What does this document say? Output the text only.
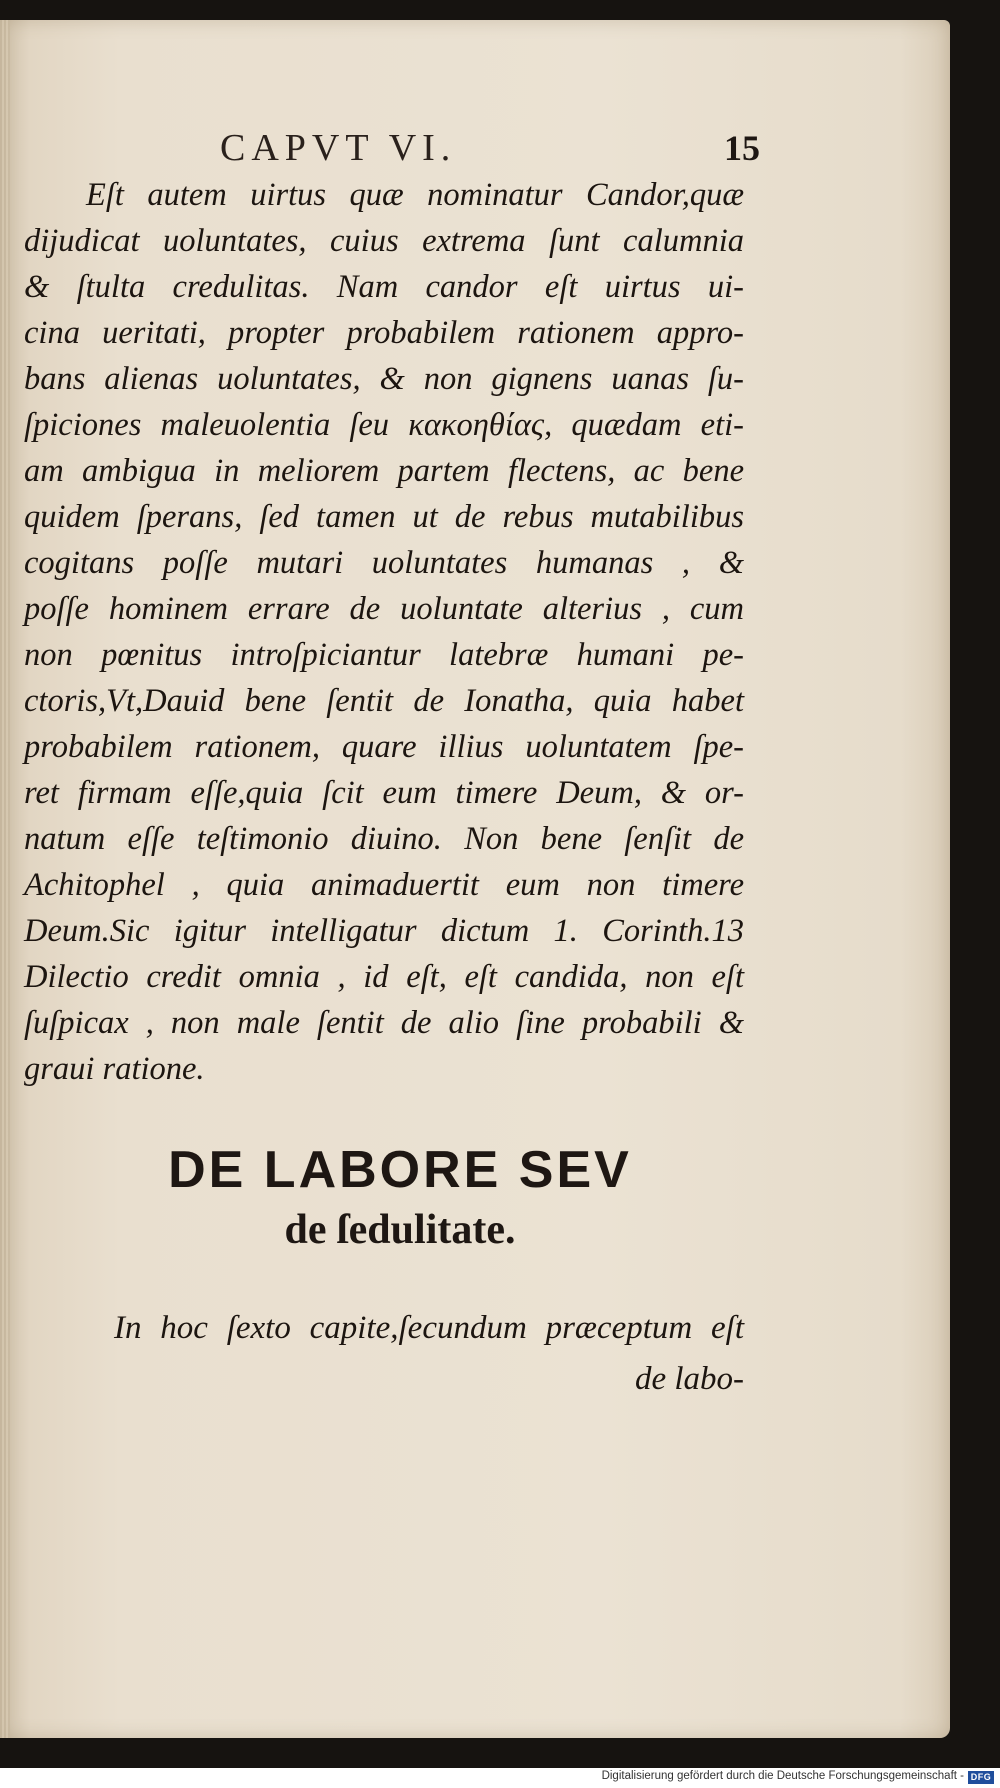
CAPVT VI.	15
Eſt autem uirtus quæ nominatur Candor,quæ
dijudicat uoluntates, cuius extrema ſunt calumnia
& ſtulta credulitas. Nam candor eſt uirtus ui-
cina ueritati, propter probabilem rationem appro-
bans alienas uoluntates, & non gignens uanas ſu-
ſpiciones maleuolentia ſeu κακοηθίας, quædam eti-
am ambigua in meliorem partem flectens, ac bene
quidem ſperans, ſed tamen ut de rebus mutabilibus
cogitans poſſe mutari uoluntates humanas , &
poſſe hominem errare de uoluntate alterius , cum
non pœnitus introſpiciantur latebræ humani pe-
ctoris,Vt,Dauid bene ſentit de Ionatha, quia habet
probabilem rationem, quare illius uoluntatem ſpe-
ret firmam eſſe,quia ſcit eum timere Deum, & or-
natum eſſe teſtimonio diuino. Non bene ſenſit de
Achitophel , quia animaduertit eum non timere
Deum.Sic igitur intelligatur dictum 1. Corinth.13
Dilectio credit omnia , id eſt, eſt candida, non eſt
ſuſpicax , non male ſentit de alio ſine probabili &
graui ratione.
DE LABORE SEV
de ſedulitate.
In hoc ſexto capite,ſecundum præceptum eſt
de labo-
Digitalisierung gefördert durch die Deutsche Forschungsgemeinschaft - DFG
